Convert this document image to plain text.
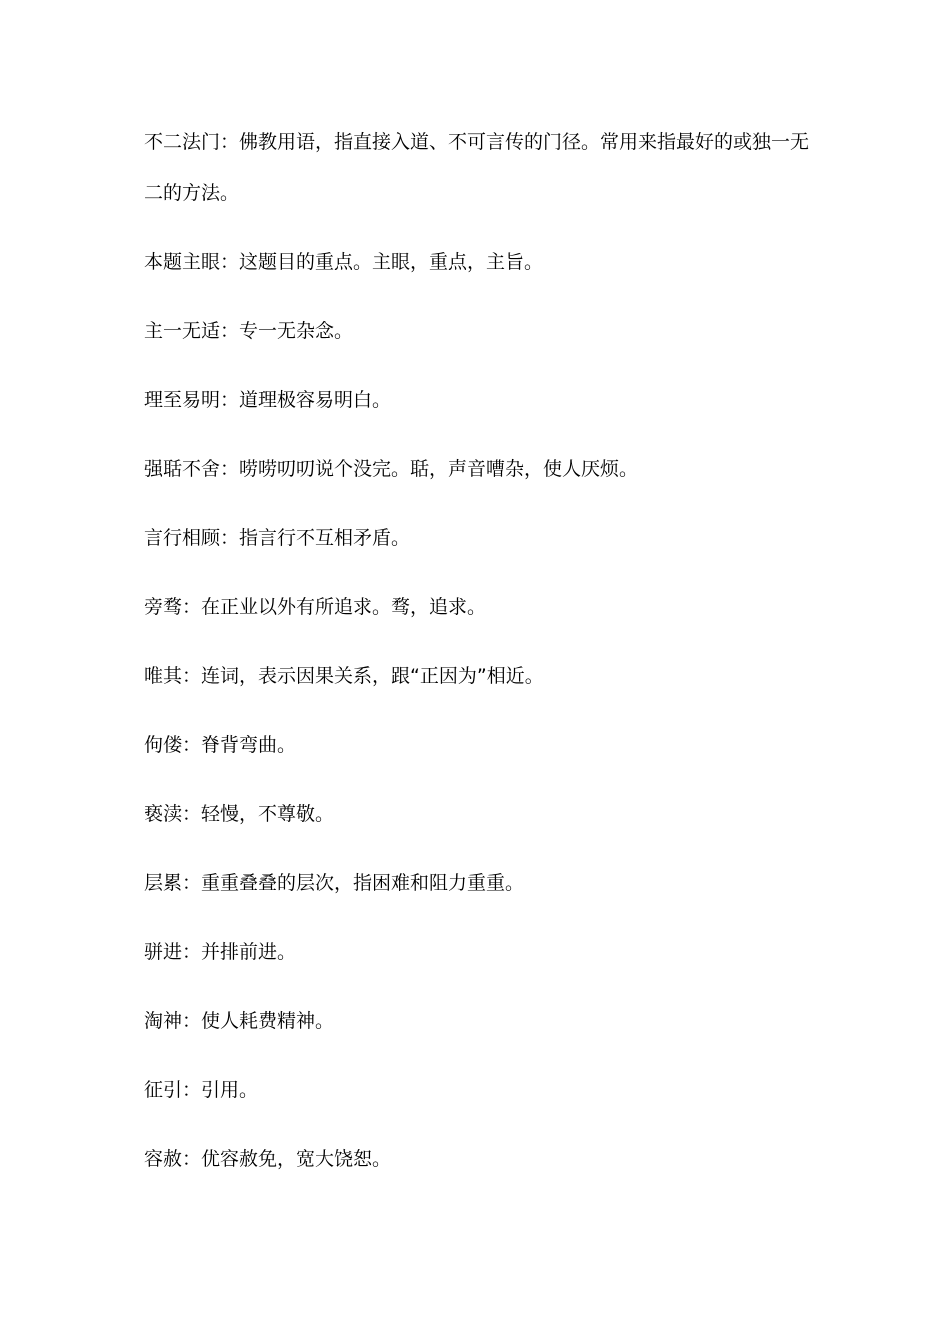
不二法门：佛教用语，指直接入道、不可言传的门径。常用来指最好的或独一无二的方法。
本题主眼：这题目的重点。主眼，重点，主旨。
主一无适：专一无杂念。
理至易明：道理极容易明白。
强聒不舍：唠唠叨叨说个没完。聒，声音嘈杂，使人厌烦。
言行相顾：指言行不互相矛盾。
旁骛：在正业以外有所追求。骛，追求。
唯其：连词，表示因果关系，跟“正因为”相近。
佝偻：脊背弯曲。
亵渎：轻慢，不尊敬。
层累：重重叠叠的层次，指困难和阻力重重。
骈进：并排前进。
淘神：使人耗费精神。
征引：引用。
容赦：优容赦免，宽大饶恕。
